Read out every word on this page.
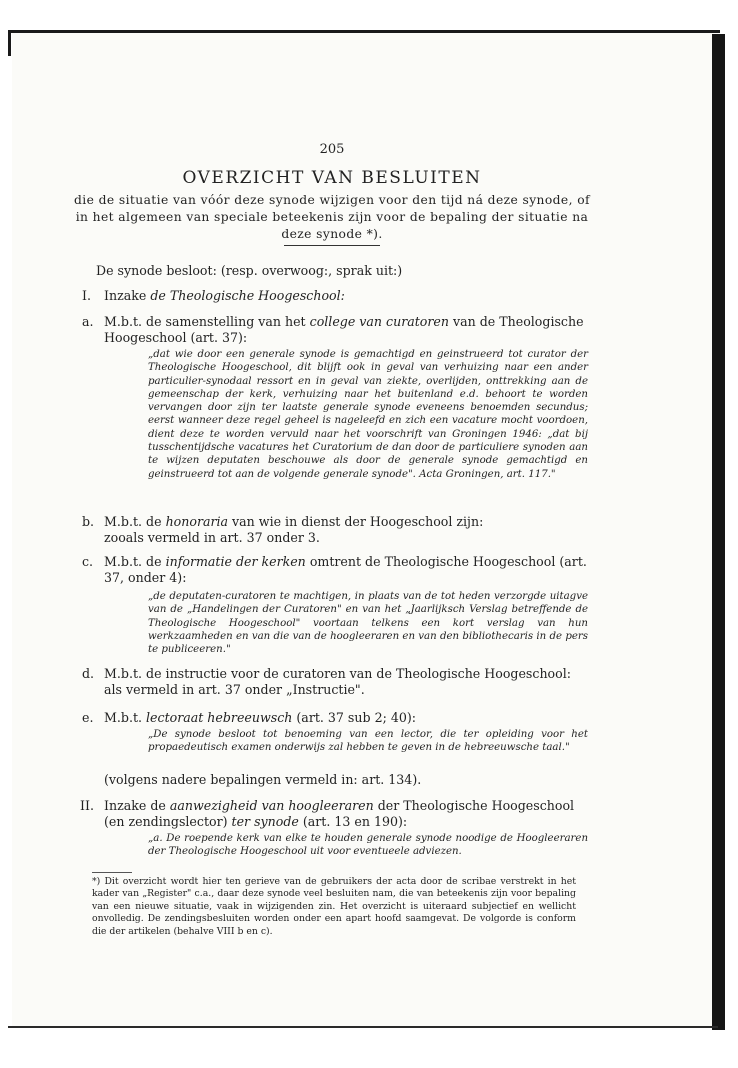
205
OVERZICHT VAN BESLUITEN
die de situatie van vóór deze synode wijzigen voor den tijd ná deze synode, of in het algemeen van speciale beteekenis zijn voor de bepaling der situatie na deze synode *).
De synode besloot: (resp. overwoog:, sprak uit:)
I. Inzake de Theologische Hoogeschool:
a. M.b.t. de samenstelling van het college van curatoren van de Theologische
Hoogeschool (art. 37):
„dat wie door een generale synode is gemachtigd en geinstrueerd tot curator der Theologische Hoogeschool, dit blijft ook in geval van verhuizing naar een ander particulier-synodaal ressort en in geval van ziekte, overlijden, onttrekking aan de gemeenschap der kerk, verhuizing naar het buitenland e.d. behoort te worden vervangen door zijn ter laatste generale synode eveneens benoemden secundus; eerst wanneer deze regel geheel is nageleefd en zich een vacature mocht voordoen, dient deze te worden vervuld naar het voorschrift van Groningen 1946: „dat bij tusschentijdsche vacatures het Curatorium de dan door de particuliere synoden aan te wijzen deputaten beschouwe als door de generale synode gemachtigd en geinstrueerd tot aan de volgende generale synode". Acta Groningen, art. 117."
b. M.b.t. de honoraria van wie in dienst der Hoogeschool zijn:
zooals vermeld in art. 37 onder 3.
c. M.b.t. de informatie der kerken omtrent de Theologische Hoogeschool (art.
37, onder 4):
„de deputaten-curatoren te machtigen, in plaats van de tot heden verzorgde uitagve van de „Handelingen der Curatoren" en van het „Jaarlijksch Verslag betreffende de Theologische Hoogeschool" voortaan telkens een kort verslag van hun werkzaamheden en van die van de hoogleeraren en van den bibliothecaris in de pers te publiceeren."
d. M.b.t. de instructie voor de curatoren van de Theologische Hoogeschool:
als vermeld in art. 37 onder „Instructie".
e. M.b.t. lectoraat hebreeuwsch (art. 37 sub 2; 40):
„De synode besloot tot benoeming van een lector, die ter opleiding voor het propaedeutisch examen onderwijs zal hebben te geven in de hebreeuwsche taal."
(volgens nadere bepalingen vermeld in: art. 134).
II. Inzake de aanwezigheid van hoogleeraren der Theologische Hoogeschool
(en zendingslector) ter synode (art. 13 en 190):
„a. De roepende kerk van elke te houden generale synode noodige de Hoogleeraren der Theologische Hoogeschool uit voor eventueele adviezen.
*) Dit overzicht wordt hier ten gerieve van de gebruikers der acta door de scribae verstrekt in het kader van „Register" c.a., daar deze synode veel besluiten nam, die van beteekenis zijn voor bepaling van een nieuwe situatie, vaak in wijzigenden zin. Het overzicht is uiteraard subjectief en wellicht onvolledig. De zendingsbesluiten worden onder een apart hoofd saamgevat. De volgorde is conform die der artikelen (behalve VIII b en c).
